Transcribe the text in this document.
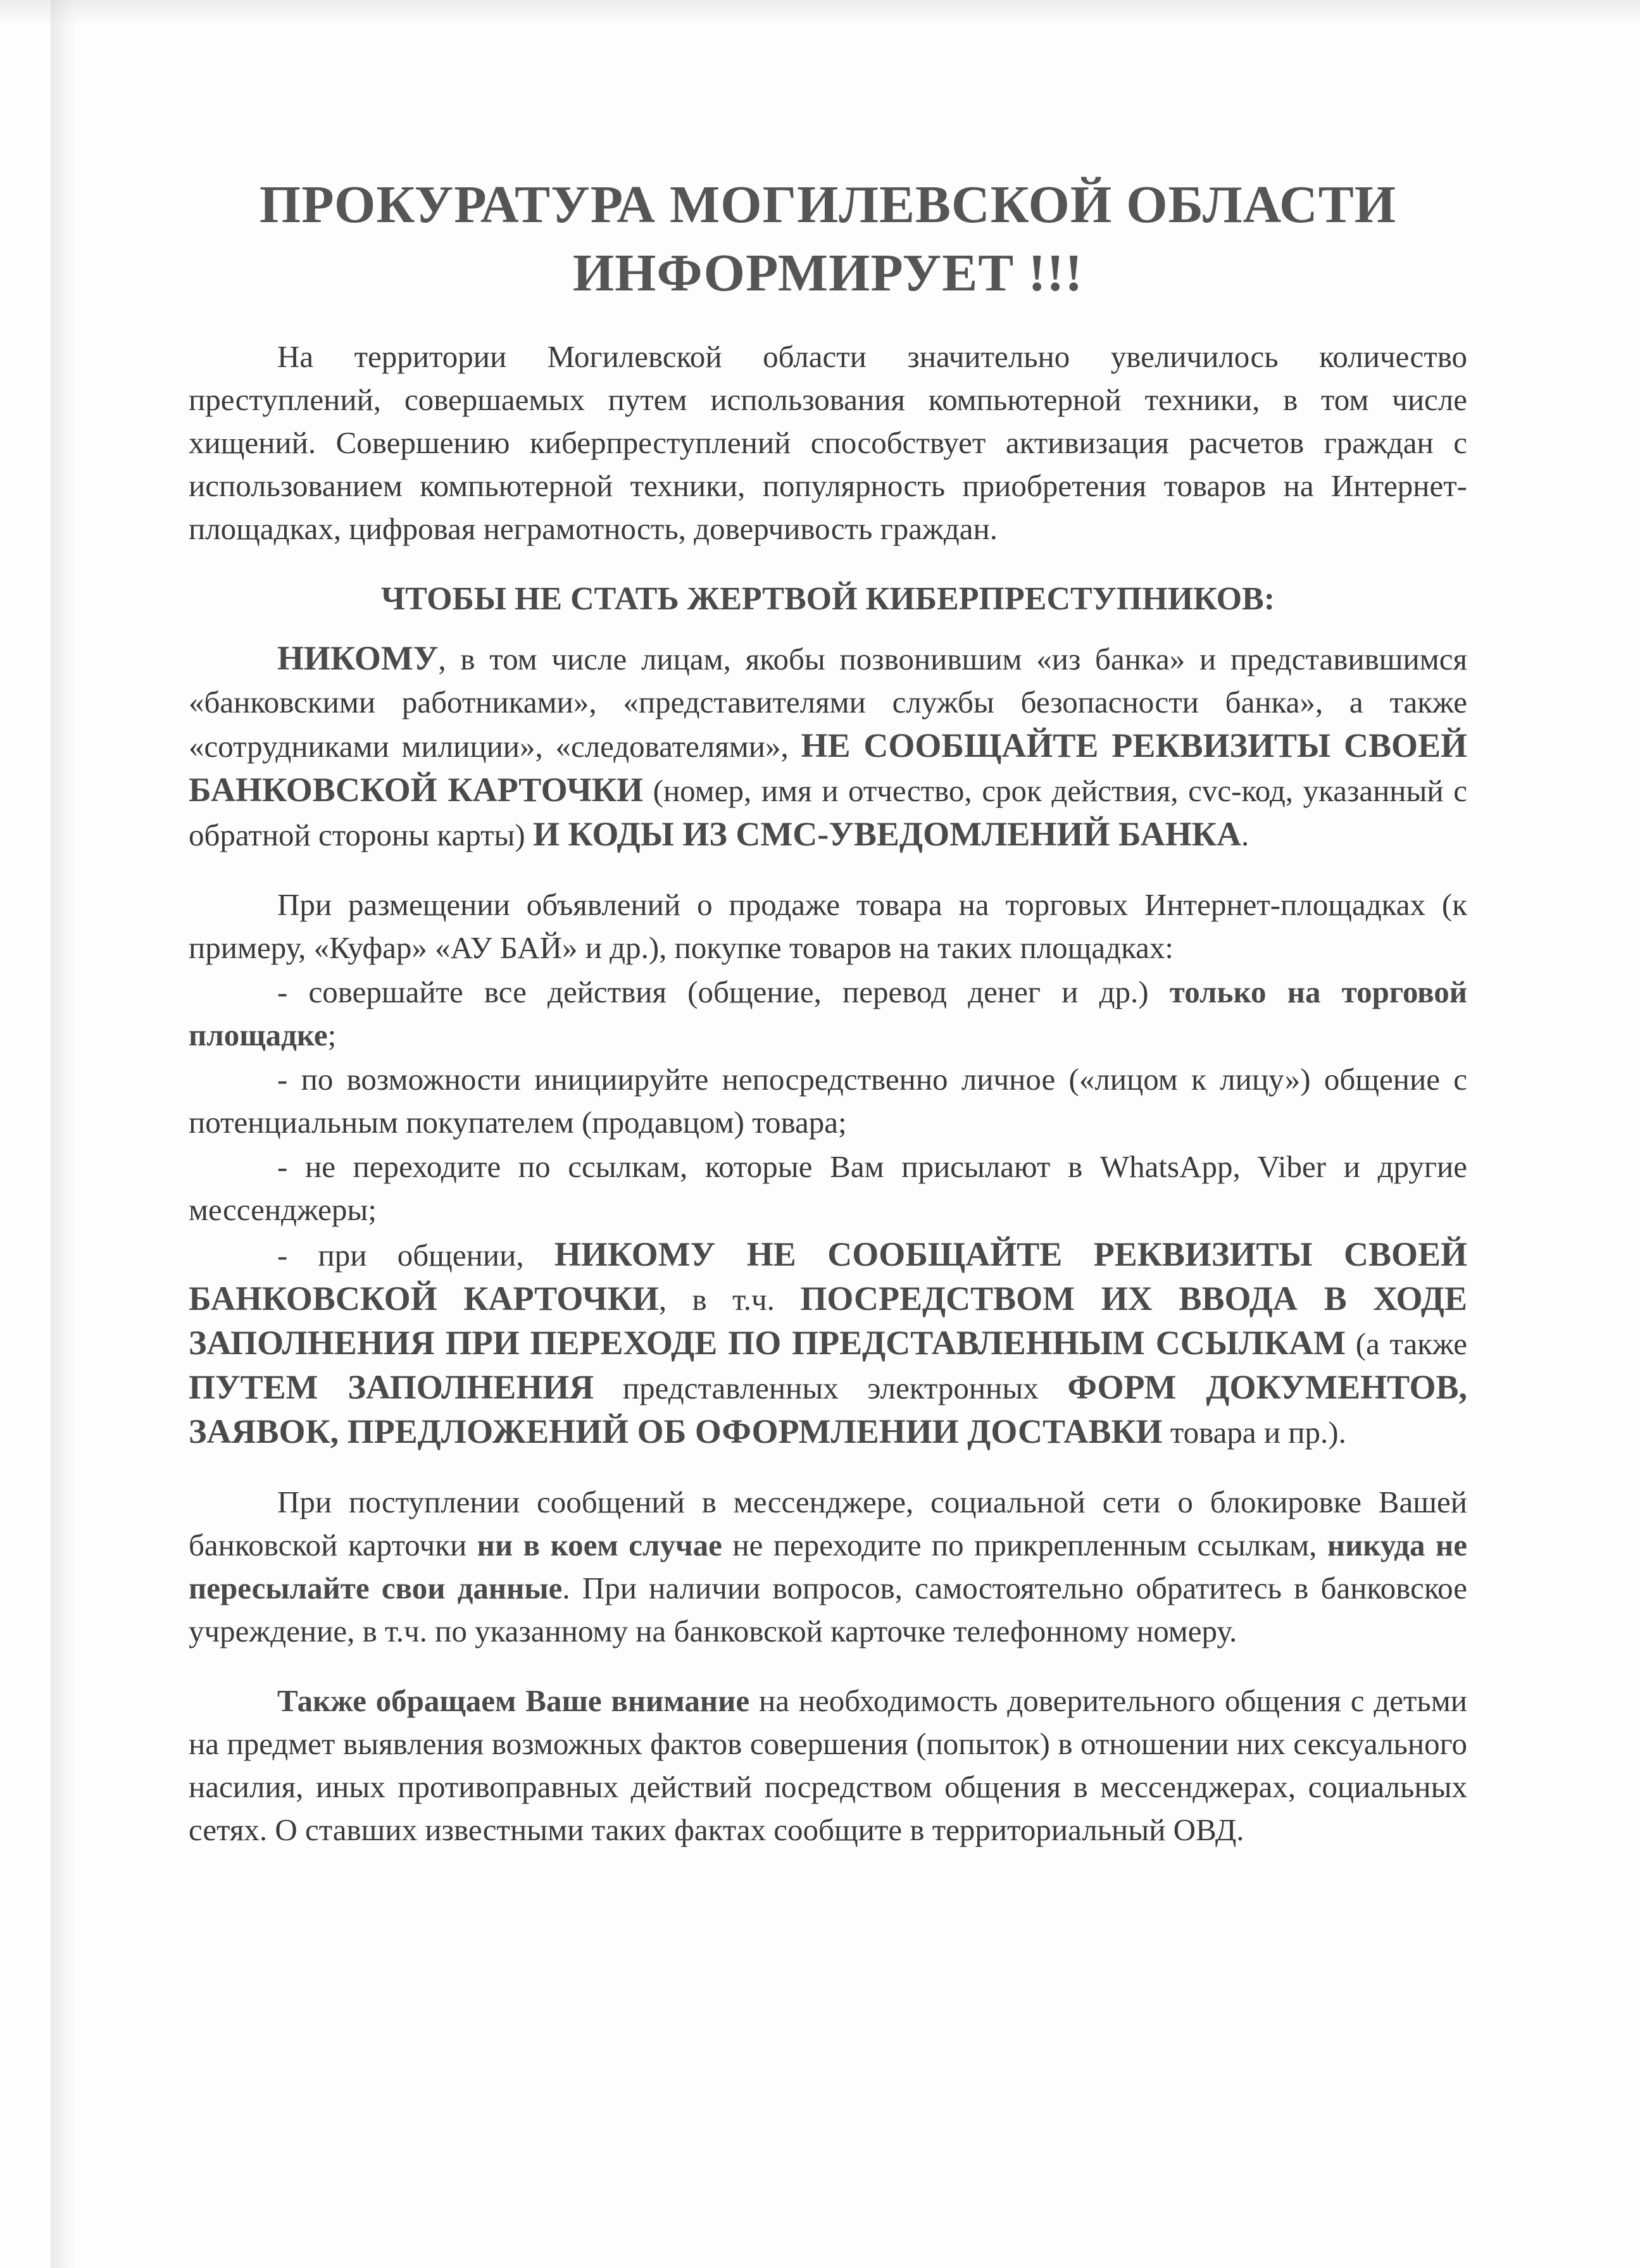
ПРОКУРАТУРА МОГИЛЕВСКОЙ ОБЛАСТИ
ИНФОРМИРУЕТ !!!

На территории Могилевской области значительно увеличилось количество преступлений, совершаемых путем использования компьютерной техники, в том числе хищений. Совершению киберпреступлений способствует активизация расчетов граждан с использованием компьютерной техники, популярность приобретения товаров на Интернет-площадках, цифровая неграмотность, доверчивость граждан.

ЧТОБЫ НЕ СТАТЬ ЖЕРТВОЙ КИБЕРПРЕСТУПНИКОВ:

НИКОМУ, в том числе лицам, якобы позвонившим «из банка» и представившимся «банковскими работниками», «представителями службы безопасности банка», а также «сотрудниками милиции», «следователями», НЕ СООБЩАЙТЕ РЕКВИЗИТЫ СВОЕЙ БАНКОВСКОЙ КАРТОЧКИ (номер, имя и отчество, срок действия, cvc-код, указанный с обратной стороны карты) И КОДЫ ИЗ СМС-УВЕДОМЛЕНИЙ БАНКА.

При размещении объявлений о продаже товара на торговых Интернет-площадках (к примеру, «Куфар» «АУ БАЙ» и др.), покупке товаров на таких площадках:

- совершайте все действия (общение, перевод денег и др.) только на торговой площадке;

- по возможности инициируйте непосредственно личное («лицом к лицу») общение с потенциальным покупателем (продавцом) товара;

- не переходите по ссылкам, которые Вам присылают в WhatsApp, Viber и другие мессенджеры;

- при общении, НИКОМУ НЕ СООБЩАЙТЕ РЕКВИЗИТЫ СВОЕЙ БАНКОВСКОЙ КАРТОЧКИ, в т.ч. ПОСРЕДСТВОМ ИХ ВВОДА В ХОДЕ ЗАПОЛНЕНИЯ ПРИ ПЕРЕХОДЕ ПО ПРЕДСТАВЛЕННЫМ ССЫЛКАМ (а также ПУТЕМ ЗАПОЛНЕНИЯ представленных электронных ФОРМ ДОКУМЕНТОВ, ЗАЯВОК, ПРЕДЛОЖЕНИЙ ОБ ОФОРМЛЕНИИ ДОСТАВКИ товара и пр.).

При поступлении сообщений в мессенджере, социальной сети о блокировке Вашей банковской карточки ни в коем случае не переходите по прикрепленным ссылкам, никуда не пересылайте свои данные. При наличии вопросов, самостоятельно обратитесь в банковское учреждение, в т.ч. по указанному на банковской карточке телефонному номеру.

Также обращаем Ваше внимание на необходимость доверительного общения с детьми на предмет выявления возможных фактов совершения (попыток) в отношении них сексуального насилия, иных противоправных действий посредством общения в мессенджерах, социальных сетях. О ставших известными таких фактах сообщите в территориальный ОВД.
